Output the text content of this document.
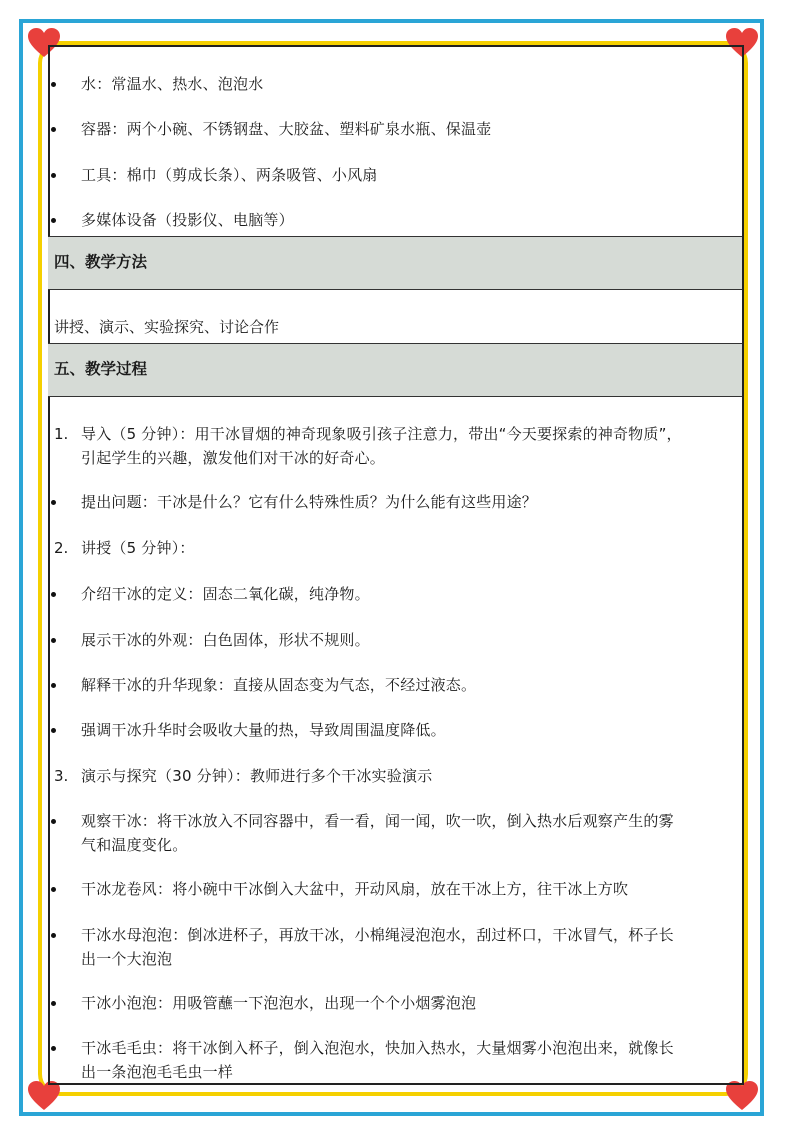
水：常温水、热水、泡泡水
容器：两个小碗、不锈钢盘、大胶盆、塑料矿泉水瓶、保温壶
工具：棉巾（剪成长条）、两条吸管、小风扇
多媒体设备（投影仪、电脑等）
四、教学方法
讲授、演示、实验探究、讨论合作
五、教学过程
1. 导入（5 分钟）：用干冰冒烟的神奇现象吸引孩子注意力，带出“今天要探索的神奇物质”，
引起学生的兴趣，激发他们对干冰的好奇心。
提出问题：干冰是什么？它有什么特殊性质？为什么能有这些用途？
2. 讲授（5 分钟）：
介绍干冰的定义：固态二氧化碳，纯净物。
展示干冰的外观：白色固体，形状不规则。
解释干冰的升华现象：直接从固态变为气态，不经过液态。
强调干冰升华时会吸收大量的热，导致周围温度降低。
3. 演示与探究（30 分钟）：教师进行多个干冰实验演示
观察干冰：将干冰放入不同容器中，看一看，闻一闻，吹一吹，倒入热水后观察产生的雾
气和温度变化。
干冰龙卷风：将小碗中干冰倒入大盆中，开动风扇，放在干冰上方，往干冰上方吹
干冰水母泡泡：倒冰进杯子，再放干冰，小棉绳浸泡泡水，刮过杯口，干冰冒气，杯子长
出一个大泡泡
干冰小泡泡：用吸管蘸一下泡泡水，出现一个个小烟雾泡泡
干冰毛毛虫：将干冰倒入杯子，倒入泡泡水，快加入热水，大量烟雾小泡泡出来，就像长
出一条泡泡毛毛虫一样
